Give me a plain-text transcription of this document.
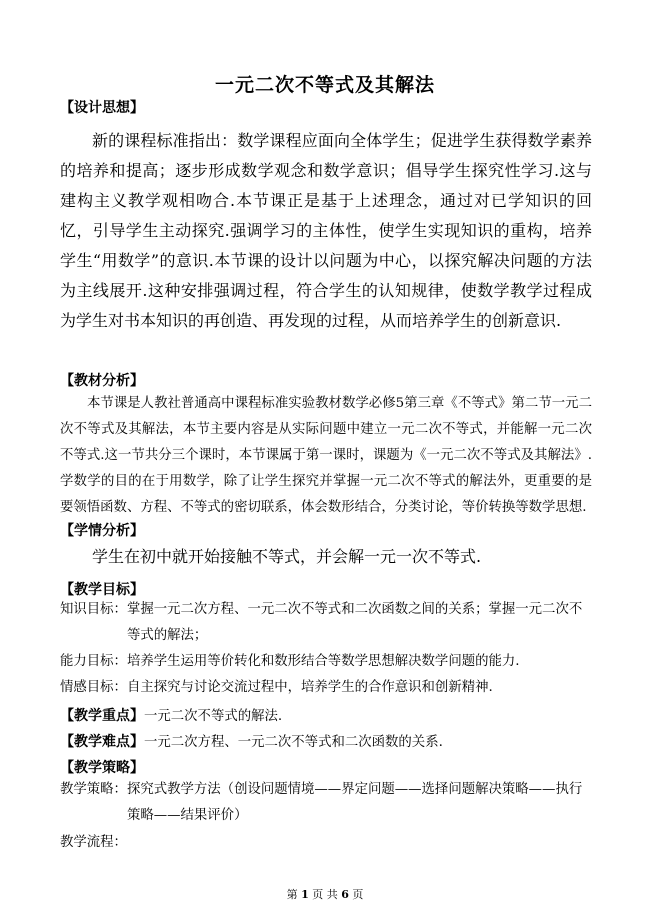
一元二次不等式及其解法
【设计思想】
新的课程标准指出：数学课程应面向全体学生；促进学生获得数学素养的培养和提高；逐步形成数学观念和数学意识；倡导学生探究性学习.这与建构主义教学观相吻合.本节课正是基于上述理念，通过对已学知识的回忆，引导学生主动探究.强调学习的主体性，使学生实现知识的重构，培养学生“用数学”的意识.本节课的设计以问题为中心，以探究解决问题的方法为主线展开.这种安排强调过程，符合学生的认知规律，使数学教学过程成为学生对书本知识的再创造、再发现的过程，从而培养学生的创新意识.
【教材分析】
本节课是人教社普通高中课程标准实验教材数学必修5第三章《不等式》第二节一元二次不等式及其解法，本节主要内容是从实际问题中建立一元二次不等式，并能解一元二次不等式.这一节共分三个课时，本节课属于第一课时，课题为《一元二次不等式及其解法》.学数学的目的在于用数学，除了让学生探究并掌握一元二次不等式的解法外，更重要的是要领悟函数、方程、不等式的密切联系，体会数形结合，分类讨论，等价转换等数学思想.
【学情分析】
学生在初中就开始接触不等式，并会解一元一次不等式.
【教学目标】
知识目标： 掌握一元二次方程、一元二次不等式和二次函数之间的关系；掌握一元二次不等式的解法；
能力目标： 培养学生运用等价转化和数形结合等数学思想解决数学问题的能力.
情感目标： 自主探究与讨论交流过程中，培养学生的合作意识和创新精神.
【教学重点】一元二次不等式的解法.
【教学难点】一元二次方程、一元二次不等式和二次函数的关系.
【教学策略】
教学策略： 探究式教学方法（创设问题情境——界定问题——选择问题解决策略——执行策略——结果评价）
教学流程：
第 1 页 共 6 页
